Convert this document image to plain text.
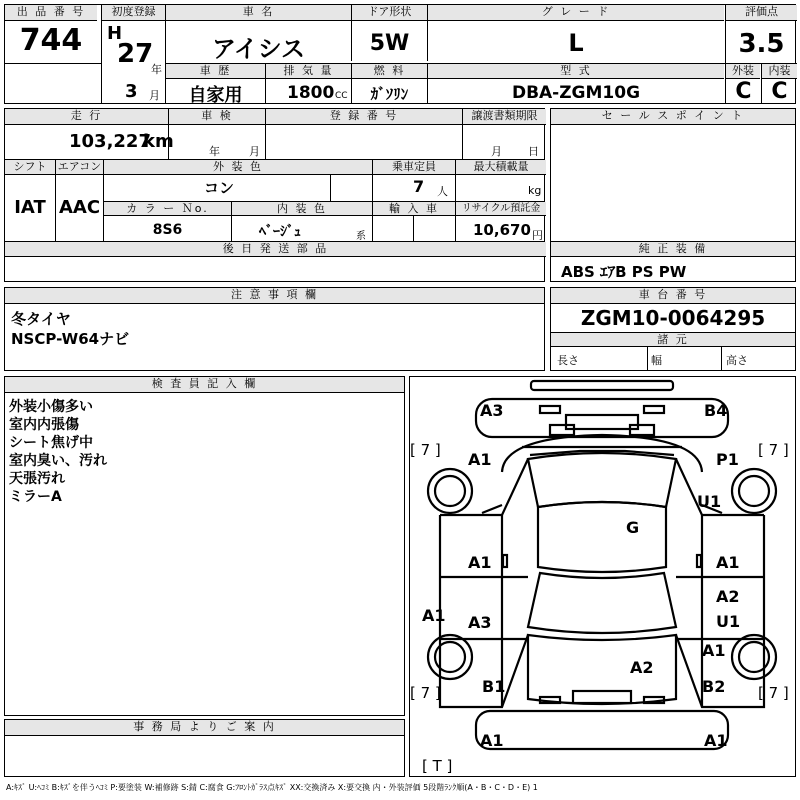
出 品 番 号
744
初度登録
H
27
年
3 月
車 名
アイシス
ドア形状
5W
グ レ ー ド
L
評価点
3.5
車 歴
自家用
排 気 量
1800 CC
燃 料
ｶﾞｿﾘﾝ
型 式
DBA-ZGM10G
外装	内装
C C
走 行
103,227
km
車 検
年	月
登 録 番 号	譲渡書類期限
月 日
シフト
IAT
エアコン
AAC
外 装 色
コン
乗車定員
7 人
最大積載量
kg
カ ラ ー Ｎo.
8S6
内 装 色
ﾍﾞｰｼﾞｭ	系
輸 入 車	リサイクル預託金
10,670 円
後 日 発 送 部 品
セ ー ル ス ポ イ ン ト
純 正 装 備
ABS ｴｱB PS PW
注 意 事 項 欄
冬タイヤ
NSCP-W64ナビ
車 台 番 号
ZGM10-0064295
諸 元
長さ	幅	高さ
検 査 員 記 入 欄
外装小傷多い
室内内張傷
シート焦げ中
室内臭い、汚れ
天張汚れ
ミラーA
事 務 局 よ り ご 案 内
A3	B4
A1	P1
U1
G
A1	A1
A1 A3
A2
U1
A1
A2
B1	B2
A1	A1
[ 7 ]	[ 7 ]
[ 7 ]	[ 7 ]
[ T ]
A:ｷｽﾞ U:ﾍｺﾐ B:ｷｽﾞを伴うﾍｺﾐ P:要塗装 W:補修跡 S:錆 C:腐食 G:ﾌﾛﾝﾄｶﾞﾗｽ点ｷｽﾞ XX:交換済み X:要交換 内・外装評価 5段階ﾗﾝｸ順(A・B・C・D・E) 1
